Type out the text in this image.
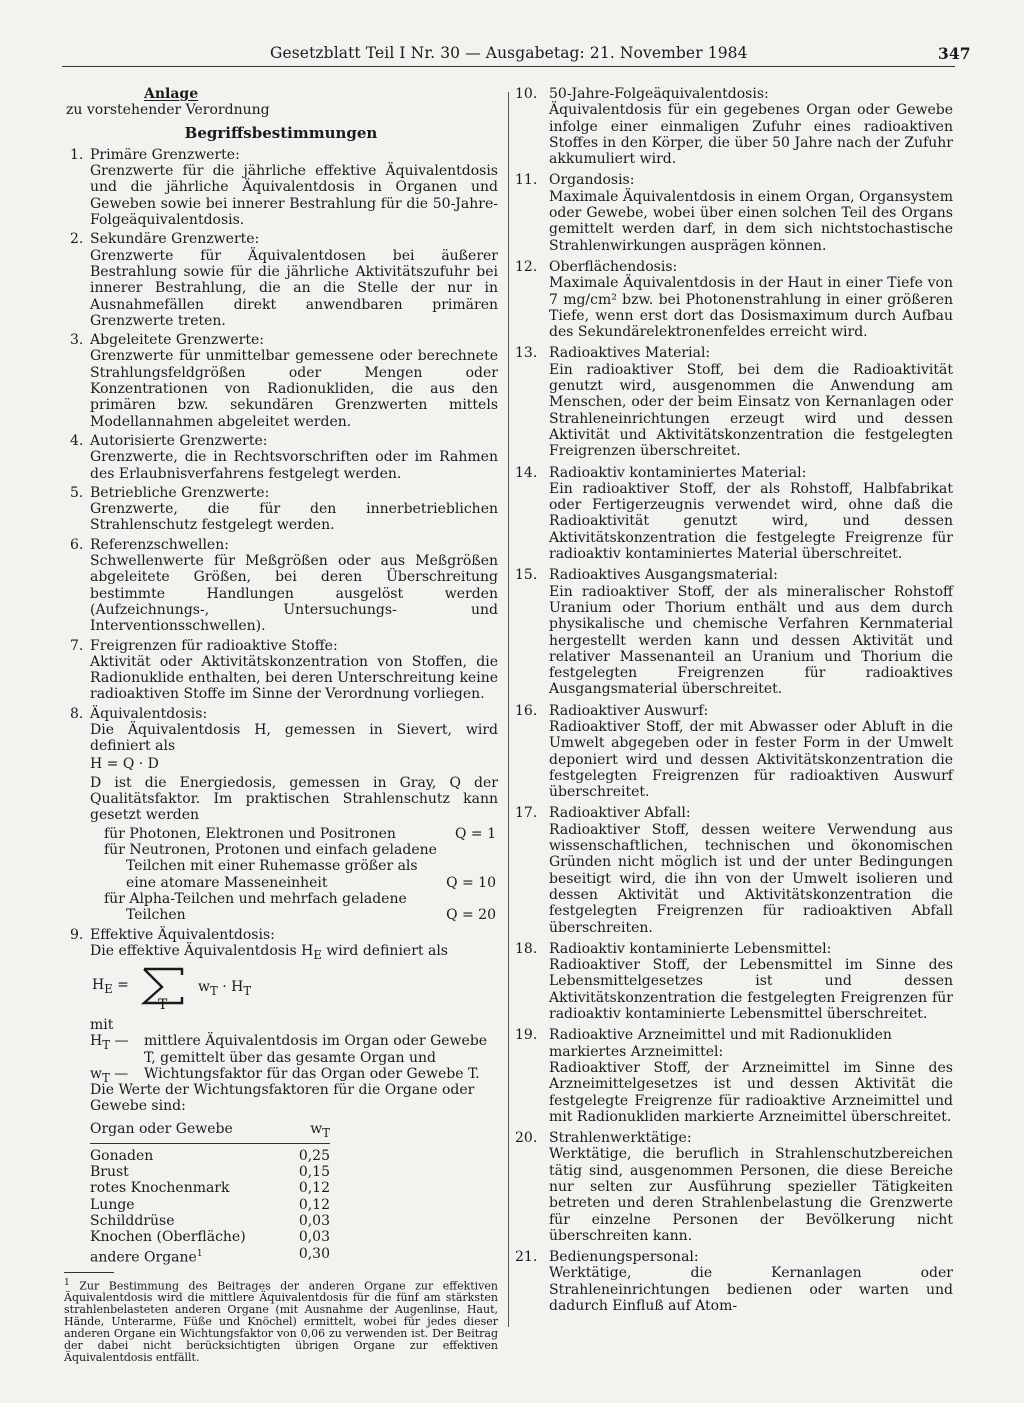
Gesetzblatt Teil I Nr. 30 — Ausgabetag: 21. November 1984	347
Anlage
zu vorstehender Verordnung
Begriffsbestimmungen
1. Primäre Grenzwerte:
Grenzwerte für die jährliche effektive Äquivalentdosis und die jährliche Äquivalentdosis in Organen und Geweben sowie bei innerer Bestrahlung für die 50-Jahre-Folgeäquivalentdosis.
2. Sekundäre Grenzwerte:
Grenzwerte für Äquivalentdosen bei äußerer Bestrahlung sowie für die jährliche Aktivitätszufuhr bei innerer Bestrahlung, die an die Stelle der nur in Ausnahmefällen direkt anwendbaren primären Grenzwerte treten.
3. Abgeleitete Grenzwerte:
Grenzwerte für unmittelbar gemessene oder berechnete Strahlungsfeldgrößen oder Mengen oder Konzentrationen von Radionukliden, die aus den primären bzw. sekundären Grenzwerten mittels Modellannahmen abgeleitet werden.
4. Autorisierte Grenzwerte:
Grenzwerte, die in Rechtsvorschriften oder im Rahmen des Erlaubnisverfahrens festgelegt werden.
5. Betriebliche Grenzwerte:
Grenzwerte, die für den innerbetrieblichen Strahlenschutz festgelegt werden.
6. Referenzschwellen:
Schwellenwerte für Meßgrößen oder aus Meßgrößen abgeleitete Größen, bei deren Überschreitung bestimmte Handlungen ausgelöst werden (Aufzeichnungs-, Untersuchungs- und Interventionsschwellen).
7. Freigrenzen für radioaktive Stoffe:
Aktivität oder Aktivitätskonzentration von Stoffen, die Radionuklide enthalten, bei deren Unterschreitung keine radioaktiven Stoffe im Sinne der Verordnung vorliegen.
8. Äquivalentdosis:
Die Äquivalentdosis H, gemessen in Sievert, wird definiert als
H = Q · D
D ist die Energiedosis, gemessen in Gray, Q der Qualitätsfaktor. Im praktischen Strahlenschutz kann gesetzt werden
für Photonen, Elektronen und Positronen	Q = 1
für Neutronen, Protonen und einfach geladene Teilchen mit einer Ruhemasse größer als eine atomare Masseneinheit	Q = 10
für Alpha-Teilchen und mehrfach geladene Teilchen	Q = 20
9. Effektive Äquivalentdosis:
Die effektive Äquivalentdosis $H_E$ wird definiert als
$H_E$ =
T
$w_T \cdot H_T$
mit
$H_T$ — mittlere Äquivalentdosis im Organ oder Gewebe T, gemittelt über das gesamte Organ und
$w_T$ — Wichtungsfaktor für das Organ oder Gewebe T.
Die Werte der Wichtungsfaktoren für die Organe oder Gewebe sind:
Organ oder Gewebe	$w_T$
Gonaden	0,25
Brust	0,15
rotes Knochenmark	0,12
Lunge	0,12
Schilddrüse	0,03
Knochen (Oberfläche)	0,03
andere Organe$^1$	0,30
$^1$ Zur Bestimmung des Beitrages der anderen Organe zur effektiven Äquivalentdosis wird die mittlere Äquivalentdosis für die fünf am stärksten strahlenbelasteten anderen Organe (mit Ausnahme der Augenlinse, Haut, Hände, Unterarme, Füße und Knöchel) ermittelt, wobei für jedes dieser anderen Organe ein Wichtungsfaktor von 0,06 zu verwenden ist. Der Beitrag der dabei nicht berücksichtigten übrigen Organe zur effektiven Äquivalentdosis entfällt.
10. 50-Jahre-Folgeäquivalentdosis:
Äquivalentdosis für ein gegebenes Organ oder Gewebe infolge einer einmaligen Zufuhr eines radioaktiven Stoffes in den Körper, die über 50 Jahre nach der Zufuhr akkumuliert wird.
11. Organdosis:
Maximale Äquivalentdosis in einem Organ, Organsystem oder Gewebe, wobei über einen solchen Teil des Organs gemittelt werden darf, in dem sich nichtstochastische Strahlenwirkungen ausprägen können.
12. Oberflächendosis:
Maximale Äquivalentdosis in der Haut in einer Tiefe von 7 mg/cm² bzw. bei Photonenstrahlung in einer größeren Tiefe, wenn erst dort das Dosismaximum durch Aufbau des Sekundärelektronenfeldes erreicht wird.
13. Radioaktives Material:
Ein radioaktiver Stoff, bei dem die Radioaktivität genutzt wird, ausgenommen die Anwendung am Menschen, oder der beim Einsatz von Kernanlagen oder Strahleneinrichtungen erzeugt wird und dessen Aktivität und Aktivitätskonzentration die festgelegten Freigrenzen überschreitet.
14. Radioaktiv kontaminiertes Material:
Ein radioaktiver Stoff, der als Rohstoff, Halbfabrikat oder Fertigerzeugnis verwendet wird, ohne daß die Radioaktivität genutzt wird, und dessen Aktivitätskonzentration die festgelegte Freigrenze für radioaktiv kontaminiertes Material überschreitet.
15. Radioaktives Ausgangsmaterial:
Ein radioaktiver Stoff, der als mineralischer Rohstoff Uranium oder Thorium enthält und aus dem durch physikalische und chemische Verfahren Kernmaterial hergestellt werden kann und dessen Aktivität und relativer Massenanteil an Uranium und Thorium die festgelegten Freigrenzen für radioaktives Ausgangsmaterial überschreitet.
16. Radioaktiver Auswurf:
Radioaktiver Stoff, der mit Abwasser oder Abluft in die Umwelt abgegeben oder in fester Form in der Umwelt deponiert wird und dessen Aktivitätskonzentration die festgelegten Freigrenzen für radioaktiven Auswurf überschreitet.
17. Radioaktiver Abfall:
Radioaktiver Stoff, dessen weitere Verwendung aus wissenschaftlichen, technischen und ökonomischen Gründen nicht möglich ist und der unter Bedingungen beseitigt wird, die ihn von der Umwelt isolieren und dessen Aktivität und Aktivitätskonzentration die festgelegten Freigrenzen für radioaktiven Abfall überschreiten.
18. Radioaktiv kontaminierte Lebensmittel:
Radioaktiver Stoff, der Lebensmittel im Sinne des Lebensmittelgesetzes ist und dessen Aktivitätskonzentration die festgelegten Freigrenzen für radioaktiv kontaminierte Lebensmittel überschreitet.
19. Radioaktive Arzneimittel und mit Radionukliden markiertes Arzneimittel:
Radioaktiver Stoff, der Arzneimittel im Sinne des Arzneimittelgesetzes ist und dessen Aktivität die festgelegte Freigrenze für radioaktive Arzneimittel und mit Radionukliden markierte Arzneimittel überschreitet.
20. Strahlenwerktätige:
Werktätige, die beruflich in Strahlenschutzbereichen tätig sind, ausgenommen Personen, die diese Bereiche nur selten zur Ausführung spezieller Tätigkeiten betreten und deren Strahlenbelastung die Grenzwerte für einzelne Personen der Bevölkerung nicht überschreiten kann.
21. Bedienungspersonal:
Werktätige, die Kernanlagen oder Strahleneinrichtungen bedienen oder warten und dadurch Einfluß auf Atom-
